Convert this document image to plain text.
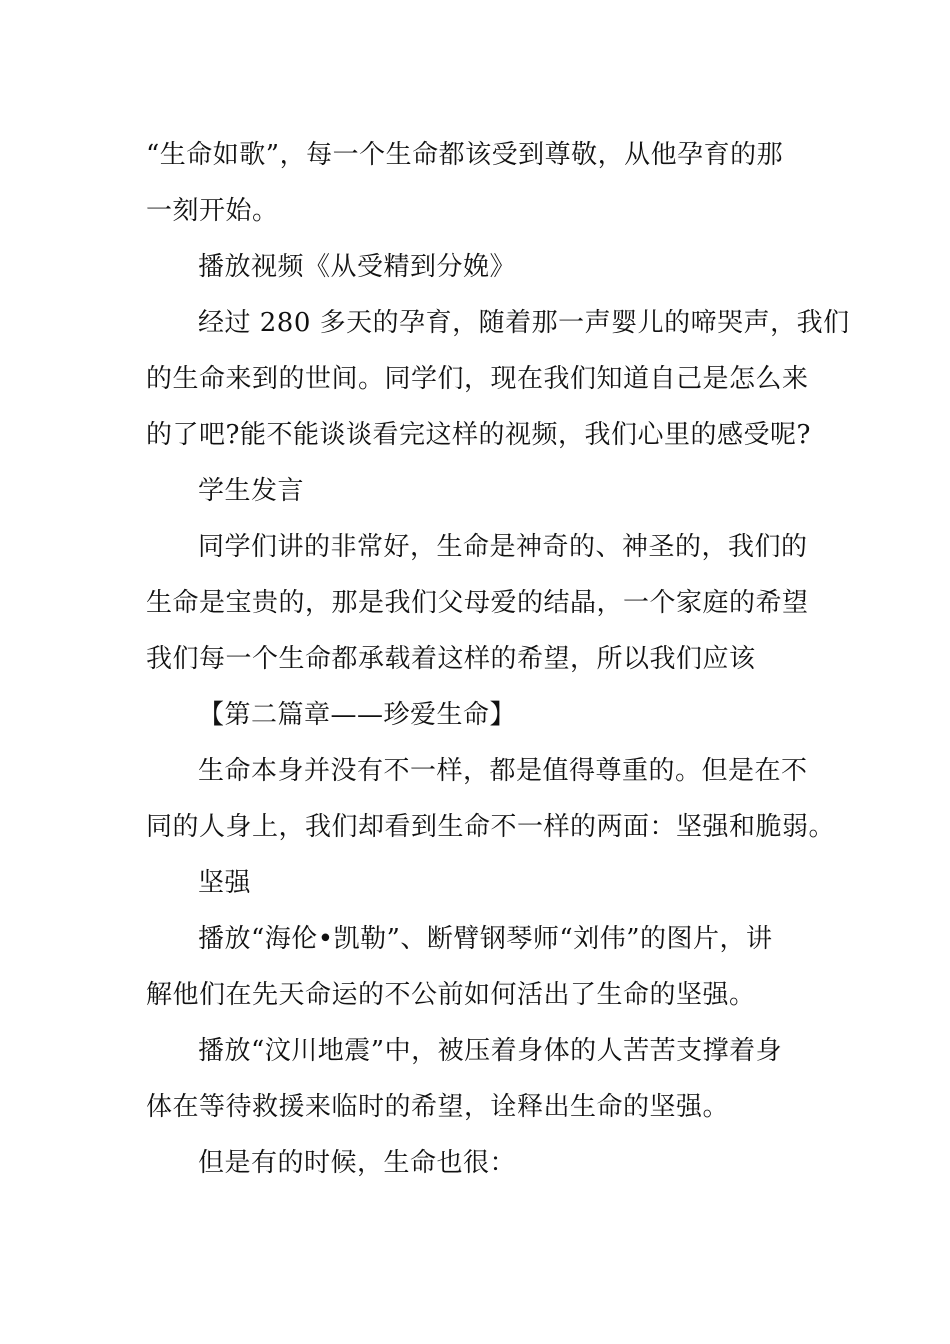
“生命如歌”，每一个生命都该受到尊敬，从他孕育的那
一刻开始。
播放视频《从受精到分娩》
经过 280 多天的孕育，随着那一声婴儿的啼哭声，我们
的生命来到的世间。同学们，现在我们知道自己是怎么来
的了吧?能不能谈谈看完这样的视频，我们心里的感受呢?
学生发言
同学们讲的非常好，生命是神奇的、神圣的，我们的
生命是宝贵的，那是我们父母爱的结晶，一个家庭的希望
我们每一个生命都承载着这样的希望，所以我们应该
【第二篇章——珍爱生命】
生命本身并没有不一样，都是值得尊重的。但是在不
同的人身上，我们却看到生命不一样的两面：坚强和脆弱。
坚强
播放“海伦•凯勒”、断臂钢琴师“刘伟”的图片，讲
解他们在先天命运的不公前如何活出了生命的坚强。
播放“汶川地震”中，被压着身体的人苦苦支撑着身
体在等待救援来临时的希望，诠释出生命的坚强。
但是有的时候，生命也很：
